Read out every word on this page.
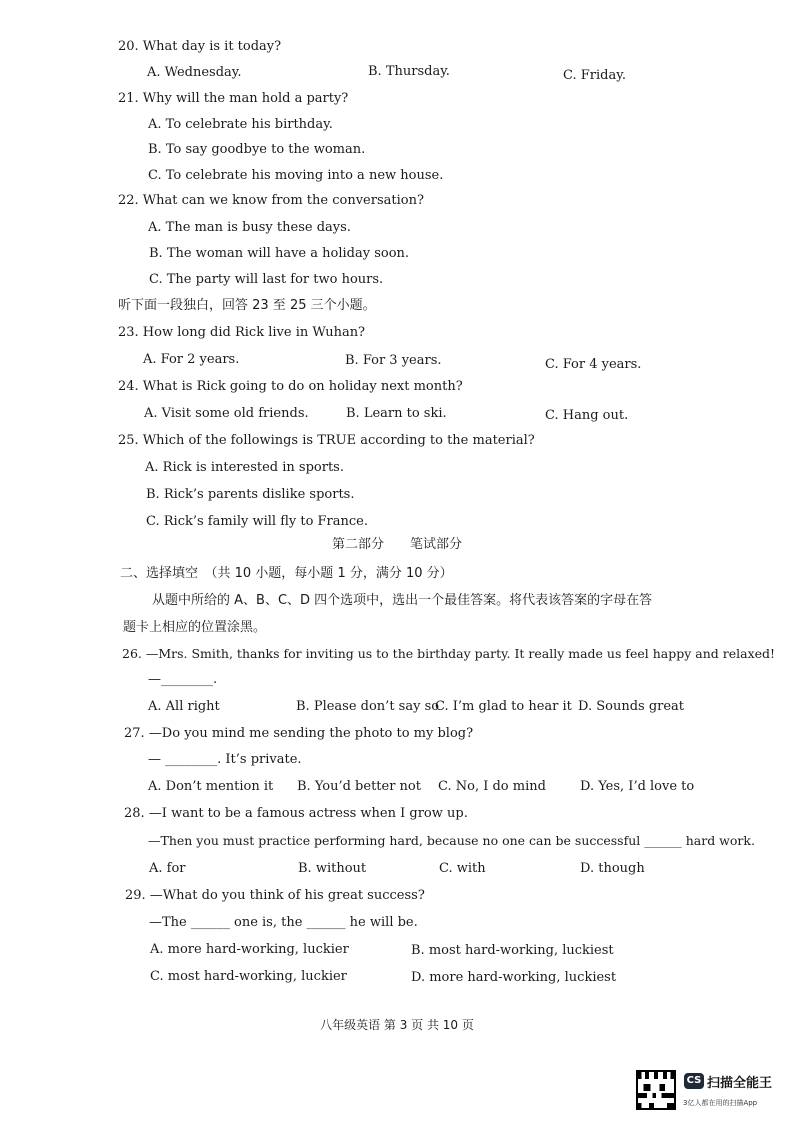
20. What day is it today?
A. Wednesday.	B. Thursday.	C. Friday.
21. Why will the man hold a party?
A. To celebrate his birthday.
B. To say goodbye to the woman.
C. To celebrate his moving into a new house.
22. What can we know from the conversation?
A. The man is busy these days.
B. The woman will have a holiday soon.
C. The party will last for two hours.
听下面一段独白，回答 23 至 25 三个小题。
23. How long did Rick live in Wuhan?
A. For 2 years.	B. For 3 years.	C. For 4 years.
24. What is Rick going to do on holiday next month?
A. Visit some old friends.	B. Learn to ski.	C. Hang out.
25. Which of the followings is TRUE according to the material?
A. Rick is interested in sports.
B. Rick’s parents dislike sports.
C. Rick’s family will fly to France.
第二部分　　笔试部分
二、选择填空　（共 10 小题，每小题 1 分，满分 10 分）
从题中所给的 A、B、C、D 四个选项中，选出一个最佳答案。将代表该答案的字母在答
题卡上相应的位置涂黑。
26. —Mrs. Smith, thanks for inviting us to the birthday party. It really made us feel happy and relaxed!
—________.
A. All right	B. Please don’t say so
C. I’m glad to hear it D. Sounds great
27. —Do you mind me sending the photo to my blog?
— ________. It’s private.
A. Don’t mention it B. You’d better not C. No, I do mind	D. Yes, I’d love to
28. —I want to be a famous actress when I grow up.
—Then you must practice performing hard, because no one can be successful ______ hard work.
A. for	B. without	C. with	D. though
29. —What do you think of his great success?
—The ______ one is, the ______ he will be.
A. more hard-working, luckier	B. most hard-working, luckiest
C. most hard-working, luckier	D. more hard-working, luckiest
八年级英语 第 3 页 共 10 页
CS 扫描全能王
3亿人都在用的扫描App
